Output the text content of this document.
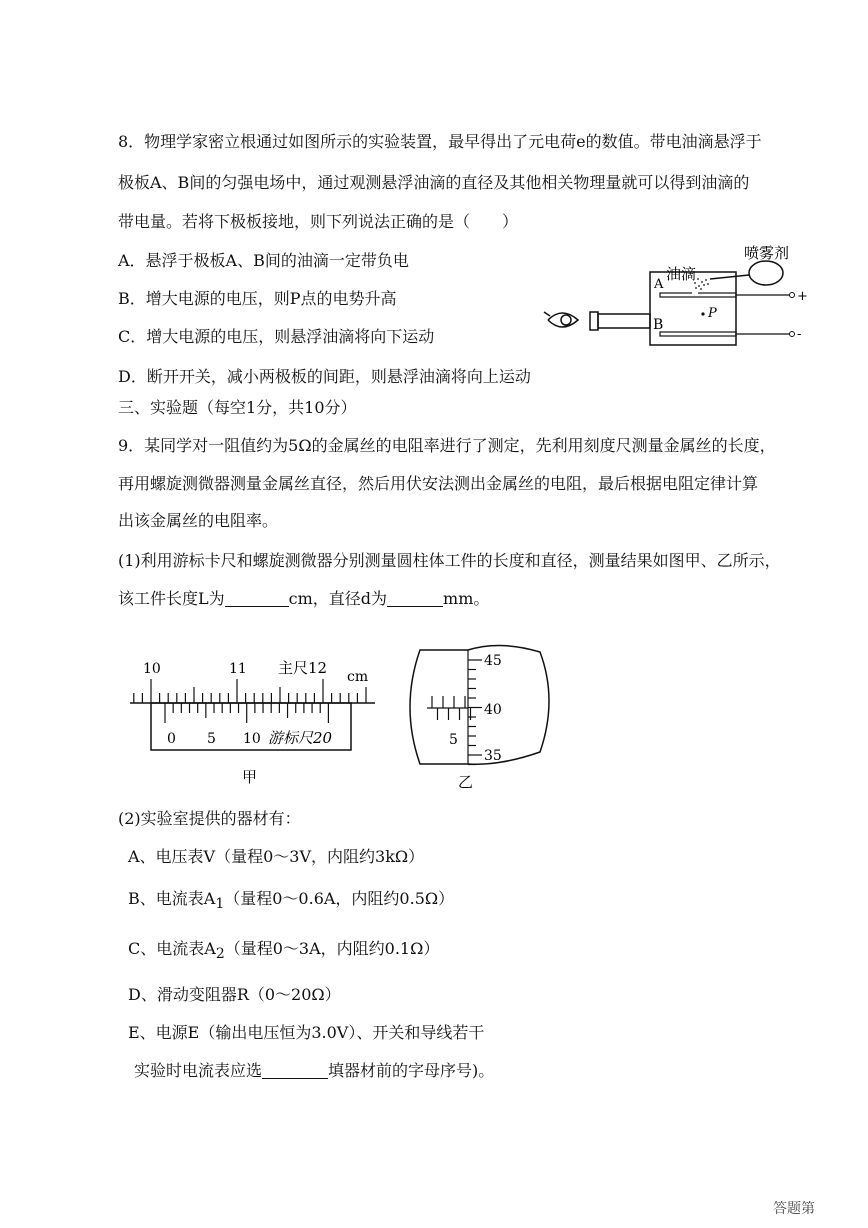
8．物理学家密立根通过如图所示的实验装置，最早得出了元电荷e的数值。带电油滴悬浮于
极板A、B间的匀强电场中，通过观测悬浮油滴的直径及其他相关物理量就可以得到油滴的
带电量。若将下极板接地，则下列说法正确的是（　　）
A．悬浮于极板A、B间的油滴一定带负电
B．增大电源的电压，则P点的电势升高
C．增大电源的电压，则悬浮油滴将向下运动
D．断开开关，减小两极板的间距，则悬浮油滴将向上运动
喷雾剂
油滴
A
B
P
+
-
三、实验题（每空1分，共10分）
9．某同学对一阻值约为5Ω的金属丝的电阻率进行了测定，先利用刻度尺测量金属丝的长度，
再用螺旋测微器测量金属丝直径，然后用伏安法测出金属丝的电阻，最后根据电阻定律计算
出该金属丝的电阻率。
(1)利用游标卡尺和螺旋测微器分别测量圆柱体工件的长度和直径，测量结果如图甲、乙所示，
该工件长度L为	cm，直径d为	mm。
10	11 主尺12 cm
0 5 10 游标尺20
甲
45
40
35
5
乙
(2)实验室提供的器材有：
A、电压表V（量程0～3V，内阻约3kΩ）
B、电流表$A_1$（量程0～0.6A，内阻约0.5Ω）
C、电流表$A_2$（量程0～3A，内阻约0.1Ω）
D、滑动变阻器R（0～20Ω）
E、电源E（输出电压恒为3.0V）、开关和导线若干
实验时电流表应选	填器材前的字母序号)。
答题第
